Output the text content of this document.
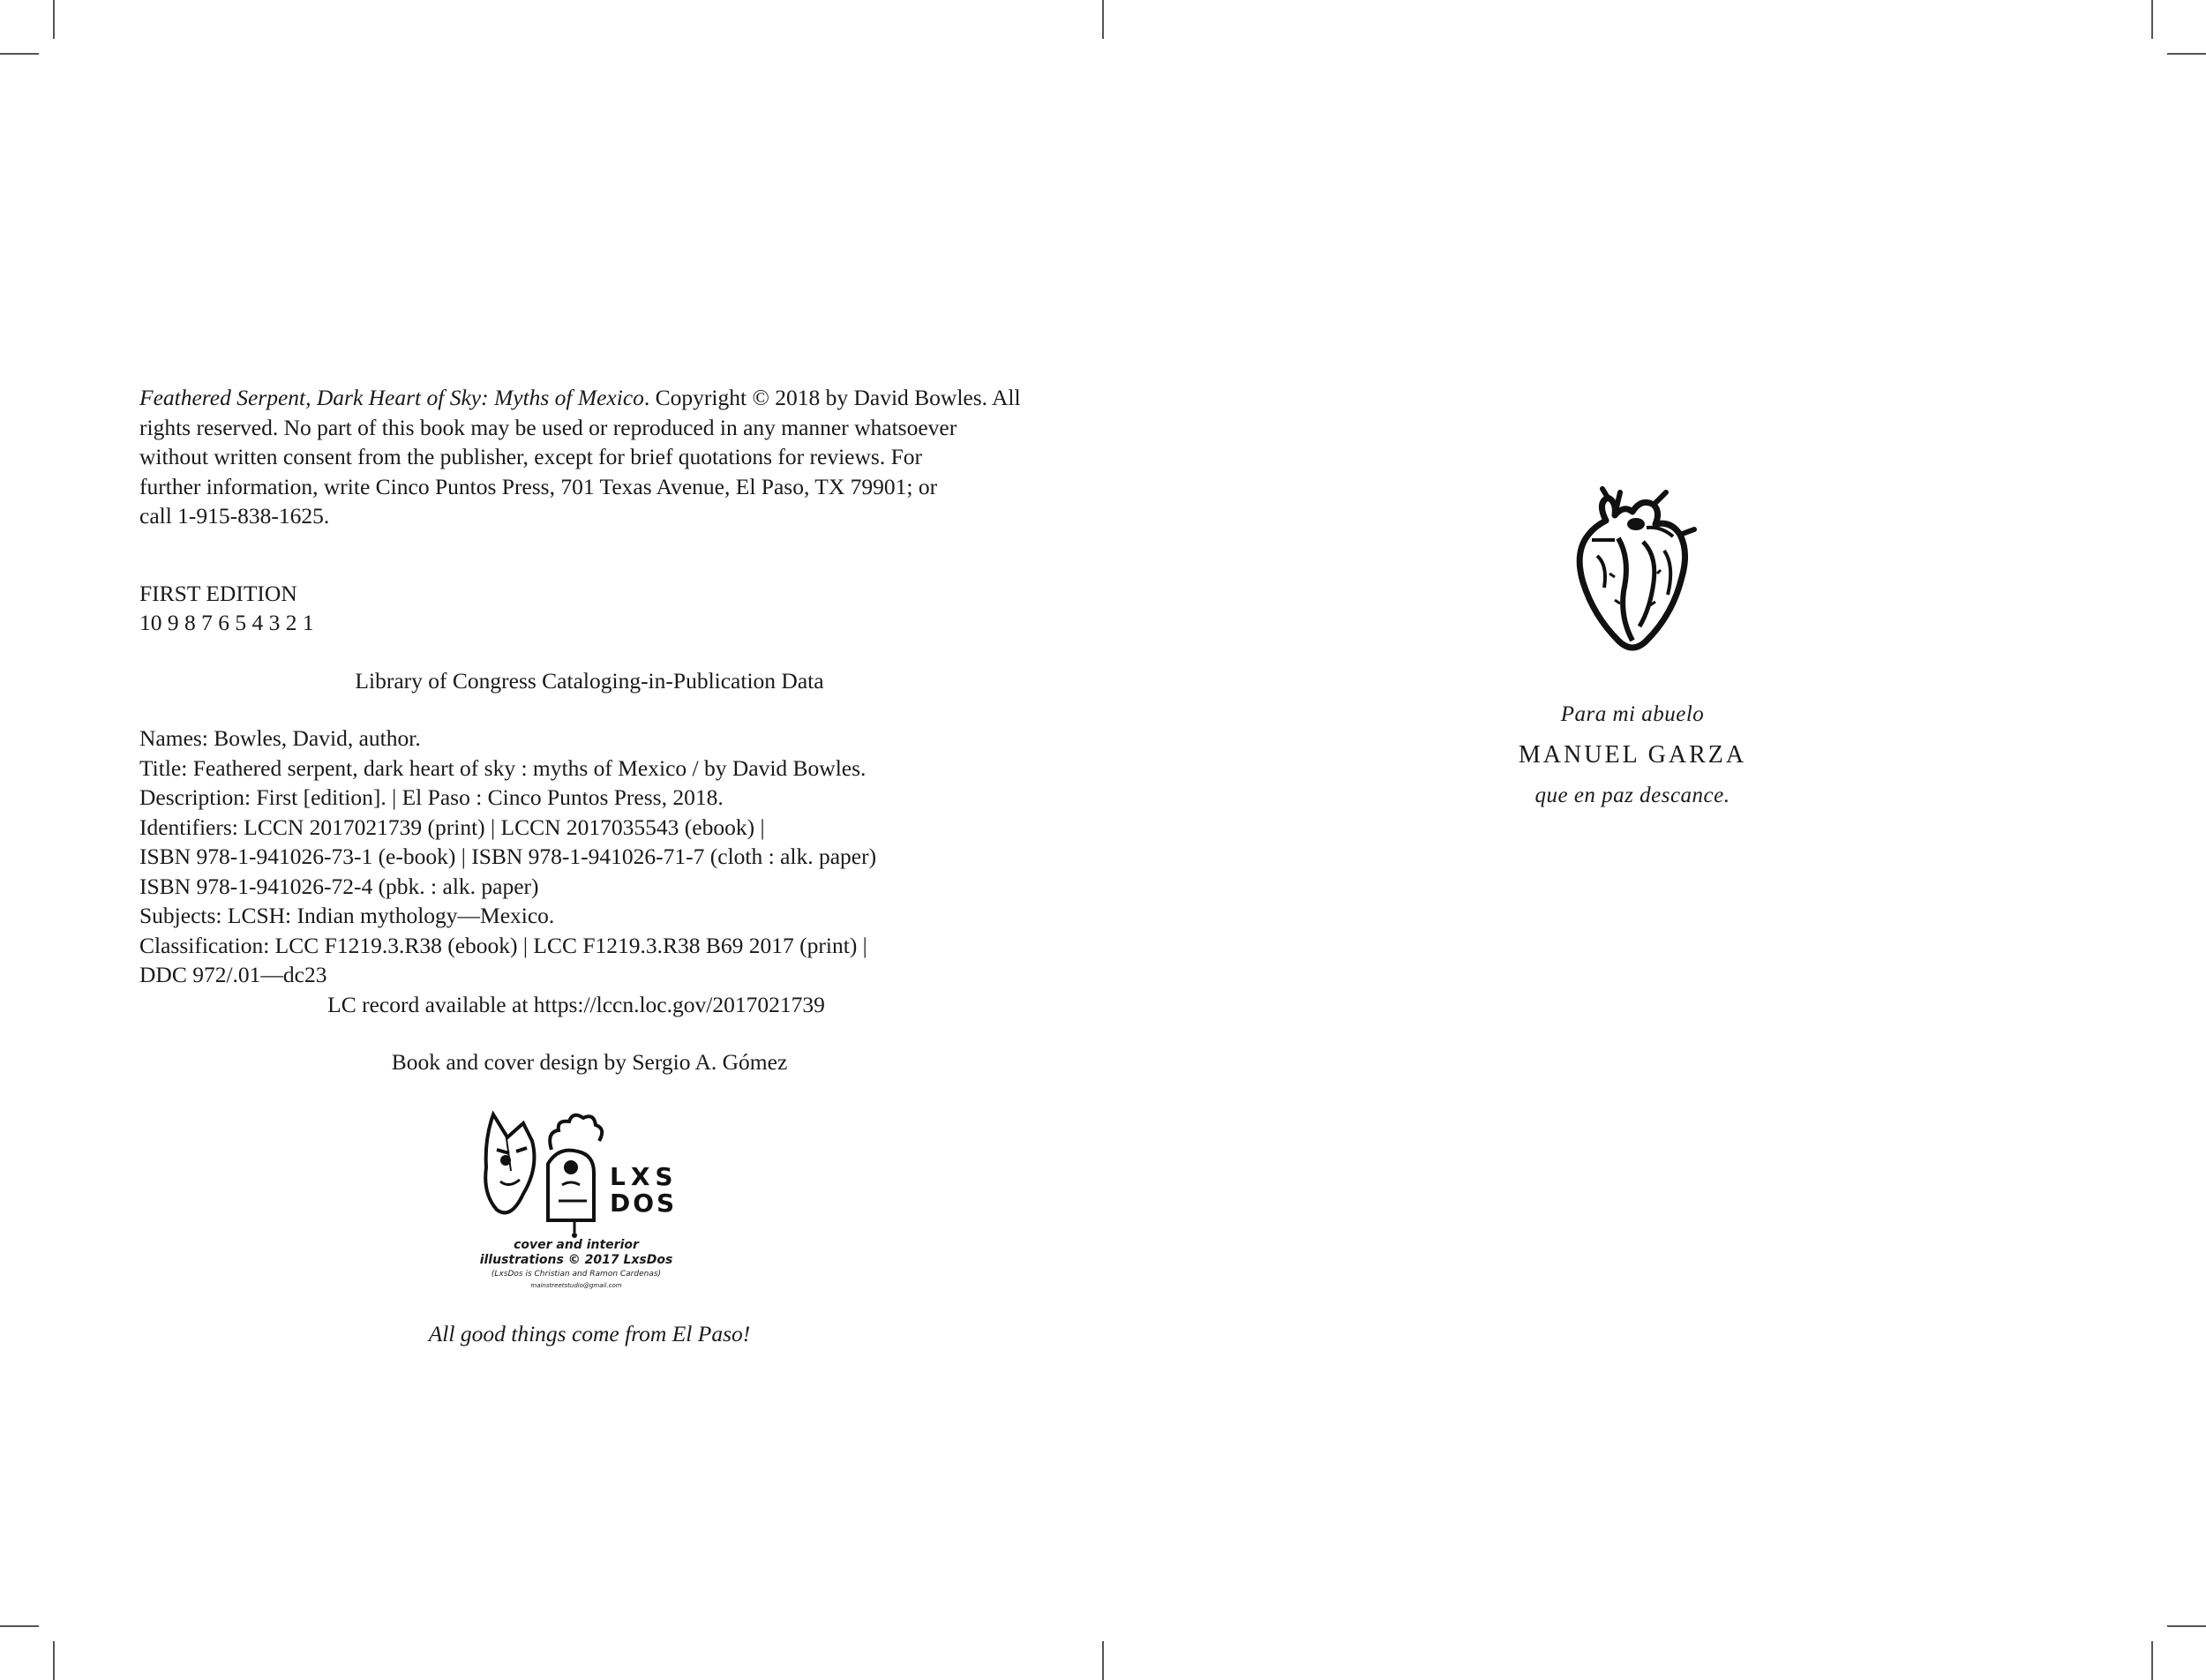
Feathered Serpent, Dark Heart of Sky: Myths of Mexico. Copyright © 2018 by David Bowles. All
rights reserved. No part of this book may be used or reproduced in any manner whatsoever
without written consent from the publisher, except for brief quotations for reviews. For
further information, write Cinco Puntos Press, 701 Texas Avenue, El Paso, TX 79901; or
call 1-915-838-1625.

FIRST EDITION
10 9 8 7 6 5 4 3 2 1

Library of Congress Cataloging-in-Publication Data

Names: Bowles, David, author.
Title: Feathered serpent, dark heart of sky : myths of Mexico / by David Bowles.
Description: First [edition]. | El Paso : Cinco Puntos Press, 2018.
Identifiers: LCCN 2017021739 (print) | LCCN 2017035543 (ebook) |
ISBN 978-1-941026-73-1 (e-book) | ISBN 978-1-941026-71-7 (cloth : alk. paper)
ISBN 978-1-941026-72-4 (pbk. : alk. paper)
Subjects: LCSH: Indian mythology—Mexico.
Classification: LCC F1219.3.R38 (ebook) | LCC F1219.3.R38 B69 2017 (print) |
DDC 972/.01—dc23
LC record available at https://lccn.loc.gov/2017021739

Book and cover design by Sergio A. Gómez

LXS
DOS
cover and interior
illustrations © 2017 LxsDos
(LxsDos is Christian and Ramon Cardenas)
mainstreetstudio@gmail.com

All good things come from El Paso!

Para mi abuelo
MANUEL GARZA
que en paz descance.
